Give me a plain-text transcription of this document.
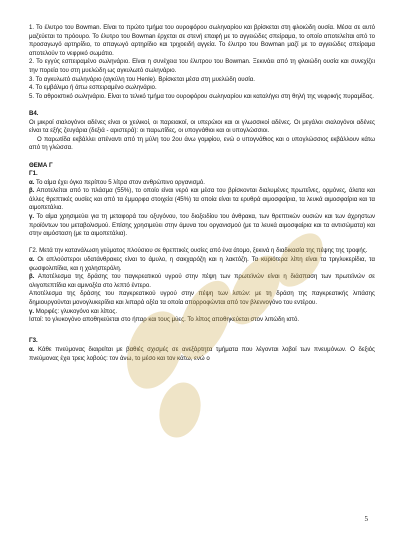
1. Το έλυτρο του Bowman. Είναι το πρώτο τμήμα του ουροφόρου σωληναρίου και βρίσκεται στη φλοιώδη ουσία. Μέσα σε αυτό μαζεύεται το πρόουρο. Το έλυτρο του Bowman έρχεται σε στενή επαφή με το αγγειώδες σπείραμα, το οποίο αποτελείται από το προσαγωγό αρτηρίδιο, το απαγωγό αρτηρίδιο και τριχοειδή αγγεία. Το έλυτρο του Bowman μαζί με το αγγειώδες σπείραμα αποτελούν το νεφρικό σωμάτιο.

2. Το εγγύς εσπειραμένο σωληνάριο. Είναι η συνέχεια του έλυτρου του Bowman. Ξεκινάει από τη φλοιώδη ουσία και συνεχίζει την πορεία του στη μυελώδη ως αγκυλωτό σωληνάριο.

3. Το αγκυλωτό σωληνάριο (αγκύλη του Henle). Βρίσκεται μέσα στη μυελώδη ουσία.

4. Το εμβάλιμο ή άπω εσπειραμένο σωληνάριο.

5. Το αθροιστικό σωληνάριο. Είναι το τελικό τμήμα του ουροφόρου σωληναρίου και καταλήγει στη θηλή της νεφρικής πυραμίδας.

Β4.

Οι μικροί σιαλογόνοι αδένες είναι οι χειλικοί, οι παρειακοί, οι υπερώιοι και οι γλωσσικοί αδένες. Οι μεγάλοι σιαλογόνοι αδένες είναι τα εξής ζευγάρια (δεξιά - αριστερά): οι παρωτίδες, οι υπογνάθιοι και οι υπογλώσσιοι.

Ο παρωτίδα εκβάλλει απέναντι από τη μύλη του 2ου άνω γομφίου, ενώ ο υπογνάθιος και ο υπογλώσσιος εκβάλλουν κάτω από τη γλώσσα.

ΘΕΜΑ Γ

Γ1.

α. Το αίμα έχει όγκο περίπου 5 λίτρα στον ανθρώπινο οργανισμό.

β. Αποτελείται από το πλάσμα (55%), το οποίο είναι νερό και μέσα του βρίσκονται διαλυμένες πρωτεΐνες, ορμόνες, άλατα και άλλες θρεπτικές ουσίες και από τα έμμορφα στοιχεία (45%) τα οποία είναι τα ερυθρά αιμοσφαίρια, τα λευκά αιμοσφαίρια και τα αιμοπετάλια.

γ. Το αίμα χρησιμεύει για τη μεταφορά του οξυγόνου, του διοξειδίου του άνθρακα, των θρεπτικών ουσιών και των άχρηστων προϊόντων του μεταβολισμού. Επίσης χρησιμεύει στην άμυνα του οργανισμού (με τα λευκά αιμοσφαίρια και τα αντισώματα) και στην αιμόσταση (με τα αιμοπετάλια).

Γ2. Μετά την κατανάλωση γεύματος πλούσιου σε θρεπτικές ουσίες από ένα άτομο, ξεκινά η διαδικασία της πέψης της τροφής.

α. Οι απλούστεροι υδατάνθρακες είναι το άμυλο, η σακχαρόζη και η λακτόζη. Τα κυριότερα λίπη είναι τα τριγλυκερίδια, τα φωσφολιπίδια, και η χοληστερόλη.

β. Αποτέλεσμα της δράσης του παγκρεατικού υγρού στην πέψη των πρωτεϊνών είναι η διάσπαση των πρωτεϊνών σε ολιγοπεπτίδια και αμινοξέα στο λεπτό έντερο.

Αποτέλεσμα της δράσης του παγκρεατικού υγρού στην πέψη των λιπών: με τη δράση της παγκρεατικής λιπάσης δημιουργούνται μονογλυκερίδια και λιπαρά οξέα τα οποία απορροφώνται από τον βλεννογόνο του εντέρου.

γ. Μορφές: γλυκογόνο και λίπος.

Ιστοί: το γλυκογόνο αποθηκεύεται στο ήπαρ και τους μύες. Το λίπος αποθηκεύεται στον λιπώδη ιστό.

Γ3.

α. Κάθε πνεύμονας διαιρείται με βαθιές σχισμές σε ανεξάρτητα τμήματα που λέγονται λοβοί των πνευμόνων. Ο δεξιός πνεύμονας έχει τρεις λοβούς: τον άνω, το μέσο και τον κάτω, ενώ ο

5
